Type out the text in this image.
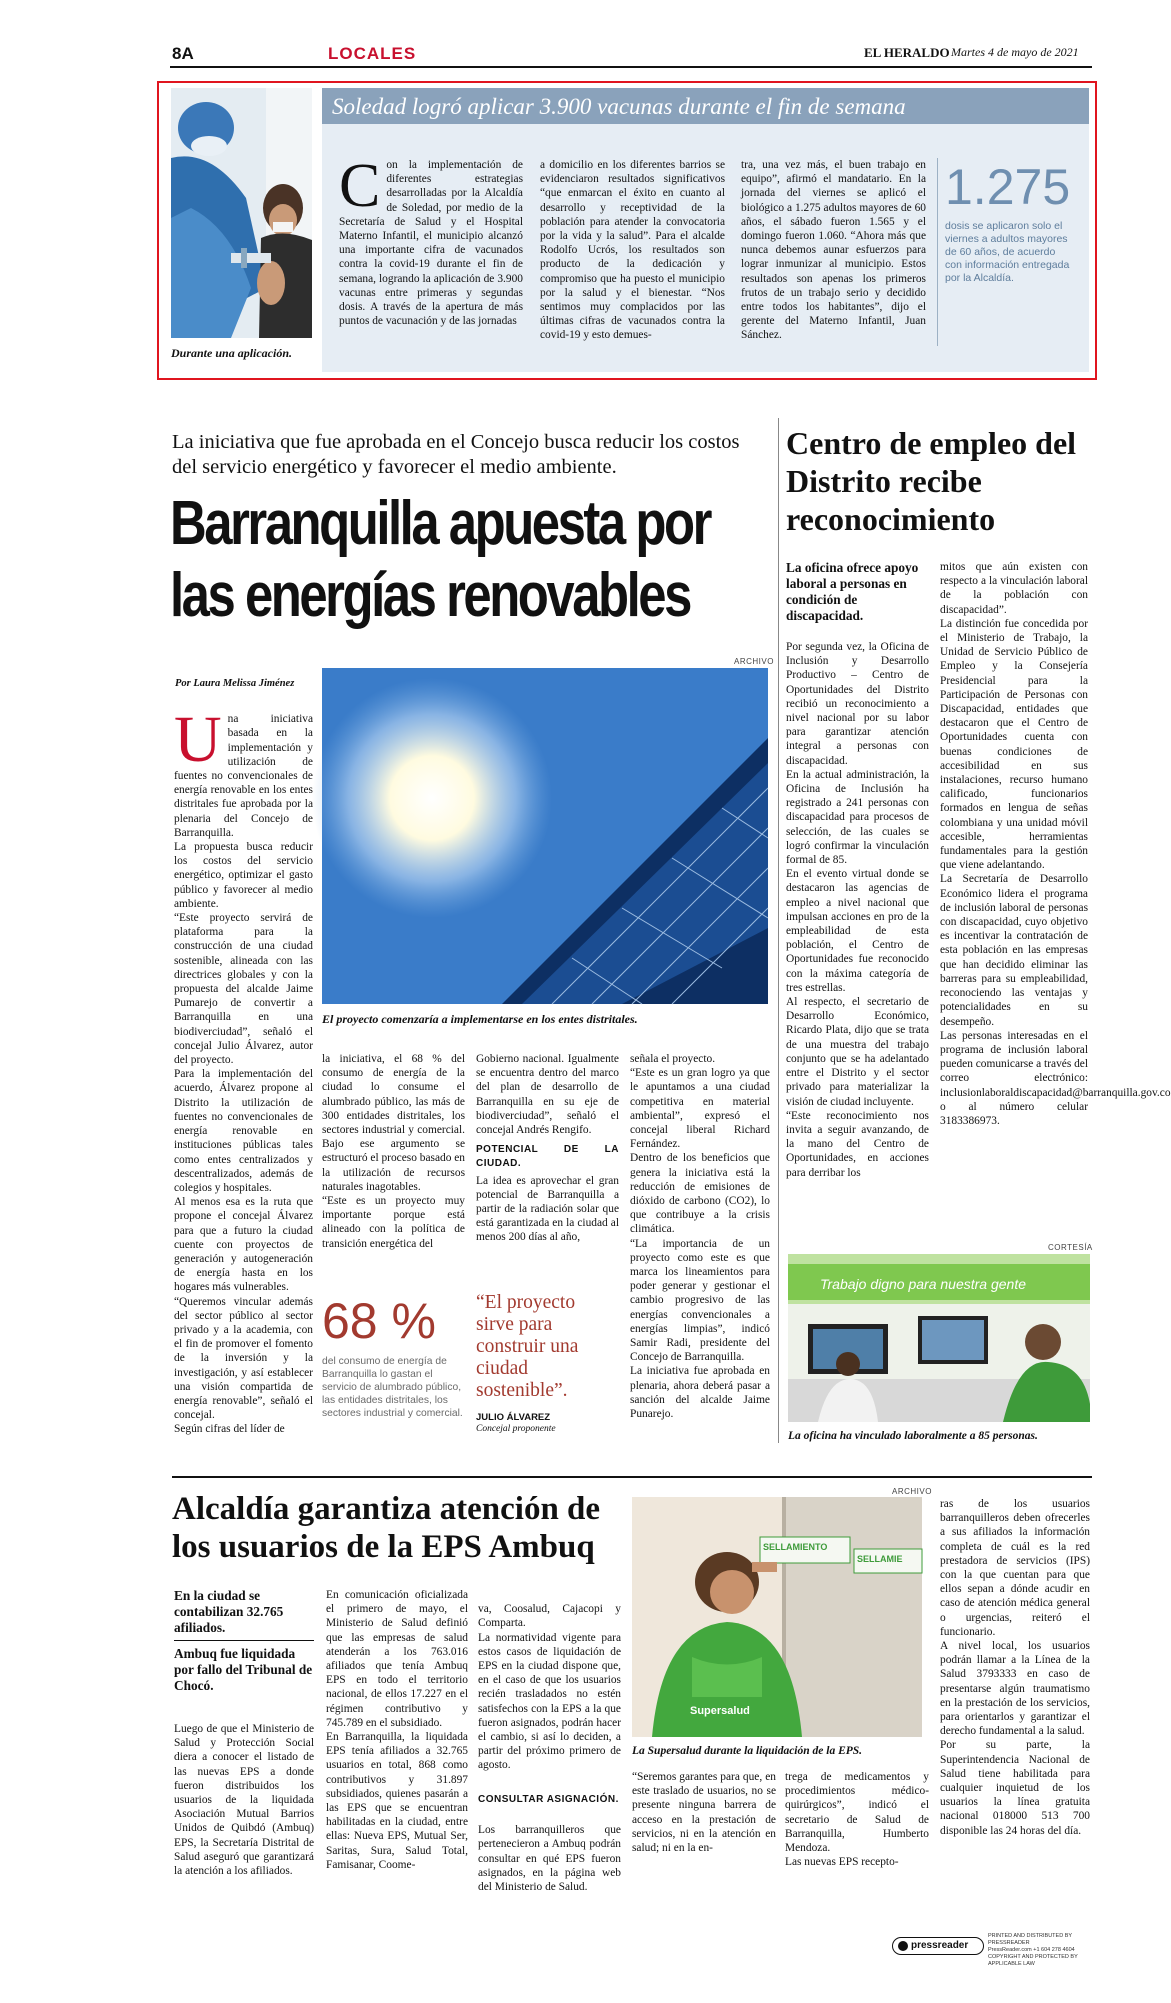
8A	LOCALES	EL HERALDO Martes 4 de mayo de 2021
Durante una aplicación.
Soledad logró aplicar 3.900 vacunas durante el fin de semana
Con la implementación de diferentes estrategias desarrolladas por la Alcaldía de Soledad, por medio de la Secretaría de Salud y el Hospital Materno Infantil, el municipio alcanzó una importante cifra de vacunados contra la covid-19 durante el fin de semana, logrando la aplicación de 3.900 vacunas entre primeras y segundas dosis. A través de la apertura de más puntos de vacunación y de las jornadas
a domicilio en los diferentes barrios se evidenciaron resultados significativos “que enmarcan el éxito en cuanto al desarrollo y receptividad de la población para atender la convocatoria por la vida y la salud”. Para el alcalde Rodolfo Ucrós, los resultados son producto de la dedicación y compromiso que ha puesto el municipio por la salud y el bienestar. “Nos sentimos muy complacidos por las últimas cifras de vacunados contra la covid-19 y esto demues-
tra, una vez más, el buen trabajo en equipo”, afirmó el mandatario. En la jornada del viernes se aplicó el biológico a 1.275 adultos mayores de 60 años, el sábado fueron 1.565 y el domingo fueron 1.060. “Ahora más que nunca debemos aunar esfuerzos para lograr inmunizar al municipio. Estos resultados son apenas los primeros frutos de un trabajo serio y decidido entre todos los habitantes”, dijo el gerente del Materno Infantil, Juan Sánchez.
1.275
dosis se aplicaron solo el viernes a adultos mayores de 60 años, de acuerdo con información entregada por la Alcaldía.
La iniciativa que fue aprobada en el Concejo busca reducir los costos del servicio energético y favorecer el medio ambiente.
Barranquilla apuesta por
las energías renovables
ARCHIVO
Por Laura Melissa Jiménez
El proyecto comenzaría a implementarse en los entes distritales.

Una iniciativa basada en la implementación y utilización de fuentes no convencionales de energía renovable en los entes distritales fue aprobada por la plenaria del Concejo de Barranquilla.
La propuesta busca reducir los costos del servicio energético, optimizar el gasto público y favorecer al medio ambiente.
“Este proyecto servirá de plataforma para la construcción de una ciudad sostenible, alineada con las directrices globales y con la propuesta del alcalde Jaime Pumarejo de convertir a Barranquilla en una biodiverciudad”, señaló el concejal Julio Álvarez, autor del proyecto.
Para la implementación del acuerdo, Álvarez propone al Distrito la utilización de fuentes no convencionales de energía renovable en instituciones públicas tales como entes centralizados y descentralizados, además de colegios y hospitales.
Al menos esa es la ruta que propone el concejal Álvarez para que a futuro la ciudad cuente con proyectos de generación y autogeneración de energía hasta en los hogares más vulnerables.
“Queremos vincular además del sector público al sector privado y a la academia, con el fin de promover el fomento de la inversión y la investigación, y así establecer una visión compartida de energía renovable”, señaló el concejal.
Según cifras del líder de

la iniciativa, el 68 % del consumo de energía de la ciudad lo consume el alumbrado público, las más de 300 entidades distritales, los sectores industrial y comercial. Bajo ese argumento se estructuró el proceso basado en la utilización de recursos naturales inagotables.
“Este es un proyecto muy importante porque está alineado con la política de transición energética del
68 %
del consumo de energía de Barranquilla lo gastan el servicio de alumbrado público, las entidades distritales, los sectores industrial y comercial.
Gobierno nacional. Igualmente se encuentra dentro del marco del plan de desarrollo de Barranquilla en su eje de biodiverciudad”, señaló el concejal Andrés Rengifo.
POTENCIAL DE LA CIUDAD.
La idea es aprovechar el gran potencial de Barranquilla a partir de la radiación solar que está garantizada en la ciudad al menos 200 días al año,
“El proyecto sirve para construir una ciudad sostenible”.
JULIO ÁLVAREZ
Concejal proponente
señala el proyecto.
“Este es un gran logro ya que le apuntamos a una ciudad competitiva en material ambiental”, expresó el concejal liberal Richard Fernández.
Dentro de los beneficios que genera la iniciativa está la reducción de emisiones de dióxido de carbono (CO2), lo que contribuye a la crisis climática.
“La importancia de un proyecto como este es que marca los lineamientos para poder generar y gestionar el cambio progresivo de las energías convencionales a energías limpias”, indicó Samir Radi, presidente del Concejo de Barranquilla.
La iniciativa fue aprobada en plenaria, ahora deberá pasar a sanción del alcalde Jaime Punarejo.
Centro de empleo del Distrito recibe reconocimiento
La oficina ofrece apoyo laboral a personas en condición de discapacidad.
Por segunda vez, la Oficina de Inclusión y Desarrollo Productivo – Centro de Oportunidades del Distrito recibió un reconocimiento a nivel nacional por su labor para garantizar atención integral a personas con discapacidad.
En la actual administración, la Oficina de Inclusión ha registrado a 241 personas con discapacidad para procesos de selección, de las cuales se logró confirmar la vinculación formal de 85.
En el evento virtual donde se destacaron las agencias de empleo a nivel nacional que impulsan acciones en pro de la empleabilidad de esta población, el Centro de Oportunidades fue reconocido con la máxima categoría de tres estrellas.
Al respecto, el secretario de Desarrollo Económico, Ricardo Plata, dijo que se trata de una muestra del trabajo conjunto que se ha adelantado entre el Distrito y el sector privado para materializar la visión de ciudad incluyente.
“Este reconocimiento nos invita a seguir avanzando, de la mano del Centro de Oportunidades, en acciones para derribar los
mitos que aún existen con respecto a la vinculación laboral de la población con discapacidad”.
La distinción fue concedida por el Ministerio de Trabajo, la Unidad de Servicio Público de Empleo y la Consejería Presidencial para la Participación de Personas con Discapacidad, entidades que destacaron que el Centro de Oportunidades cuenta con buenas condiciones de accesibilidad en sus instalaciones, recurso humano calificado, funcionarios formados en lengua de señas colombiana y una unidad móvil accesible, herramientas fundamentales para la gestión que viene adelantando.
La Secretaría de Desarrollo Económico lidera el programa de inclusión laboral de personas con discapacidad, cuyo objetivo es incentivar la contratación de esta población en las empresas que han decidido eliminar las barreras para su empleabilidad, reconociendo las ventajas y potencialidades en su desempeño.
Las personas interesadas en el programa de inclusión laboral pueden comunicarse a través del correo electrónico: inclusionlaboraldiscapacidad@barranquilla.gov.co o al número celular 3183386973.
CORTESÍA
Trabajo digno para nuestra gente
La oficina ha vinculado laboralmente a 85 personas.
Alcaldía garantiza atención de los usuarios de la EPS Ambuq
En la ciudad se contabilizan 32.765 afiliados.
Ambuq fue liquidada por fallo del Tribunal de Chocó.
Luego de que el Ministerio de Salud y Protección Social diera a conocer el listado de las nuevas EPS a donde fueron distribuidos los usuarios de la liquidada Asociación Mutual Barrios Unidos de Quibdó (Ambuq) EPS, la Secretaría Distrital de Salud aseguró que garantizará la atención a los afiliados.
En comunicación oficializada el primero de mayo, el Ministerio de Salud definió que las empresas de salud atenderán a los 763.016 afiliados que tenía Ambuq EPS en todo el territorio nacional, de ellos 17.227 en el régimen contributivo y 745.789 en el subsidiado.
En Barranquilla, la liquidada EPS tenía afiliados a 32.765 usuarios en total, 868 como contributivos y 31.897 subsidiados, quienes pasarán a las EPS que se encuentran habilitadas en la ciudad, entre ellas: Nueva EPS, Mutual Ser, Saritas, Sura, Salud Total, Famisanar, Coome-

va, Coosalud, Cajacopi y Comparta.
La normatividad vigente para estos casos de liquidación de EPS en la ciudad dispone que, en el caso de que los usuarios recién trasladados no estén satisfechos con la EPS a la que fueron asignados, podrán hacer el cambio, si así lo deciden, a partir del próximo primero de agosto.

CONSULTAR ASIGNACIÓN.

Los barranquilleros que pertenecieron a Ambuq podrán consultar en qué EPS fueron asignados, en la página web del Ministerio de Salud.

ARCHIVO
SELLAMIENTO
SELLAMIE
Supersalud
La Supersalud durante la liquidación de la EPS.
“Seremos garantes para que, en este traslado de usuarios, no se presente ninguna barrera de acceso en la prestación de servicios, ni en la atención en salud; ni en la en-
trega de medicamentos y procedimientos médico-quirúrgicos”, indicó el secretario de Salud de Barranquilla, Humberto Mendoza.
Las nuevas EPS recepto-
ras de los usuarios barranquilleros deben ofrecerles a sus afiliados la información completa de cuál es la red prestadora de servicios (IPS) con la que cuentan para que ellos sepan a dónde acudir en caso de atención médica general o urgencias, reiteró el funcionario.
A nivel local, los usuarios podrán llamar a la Línea de la Salud 3793333 en caso de presentarse algún traumatismo en la prestación de los servicios, para orientarlos y garantizar el derecho fundamental a la salud.
Por su parte, la Superintendencia Nacional de Salud tiene habilitada para cualquier inquietud de los usuarios la línea gratuita nacional 018000 513 700 disponible las 24 horas del día.
PRINTED AND DISTRIBUTED BY PRESSREADER
PressReader.com +1 604 278 4604
COPYRIGHT AND PROTECTED BY APPLICABLE LAW
pressreader
